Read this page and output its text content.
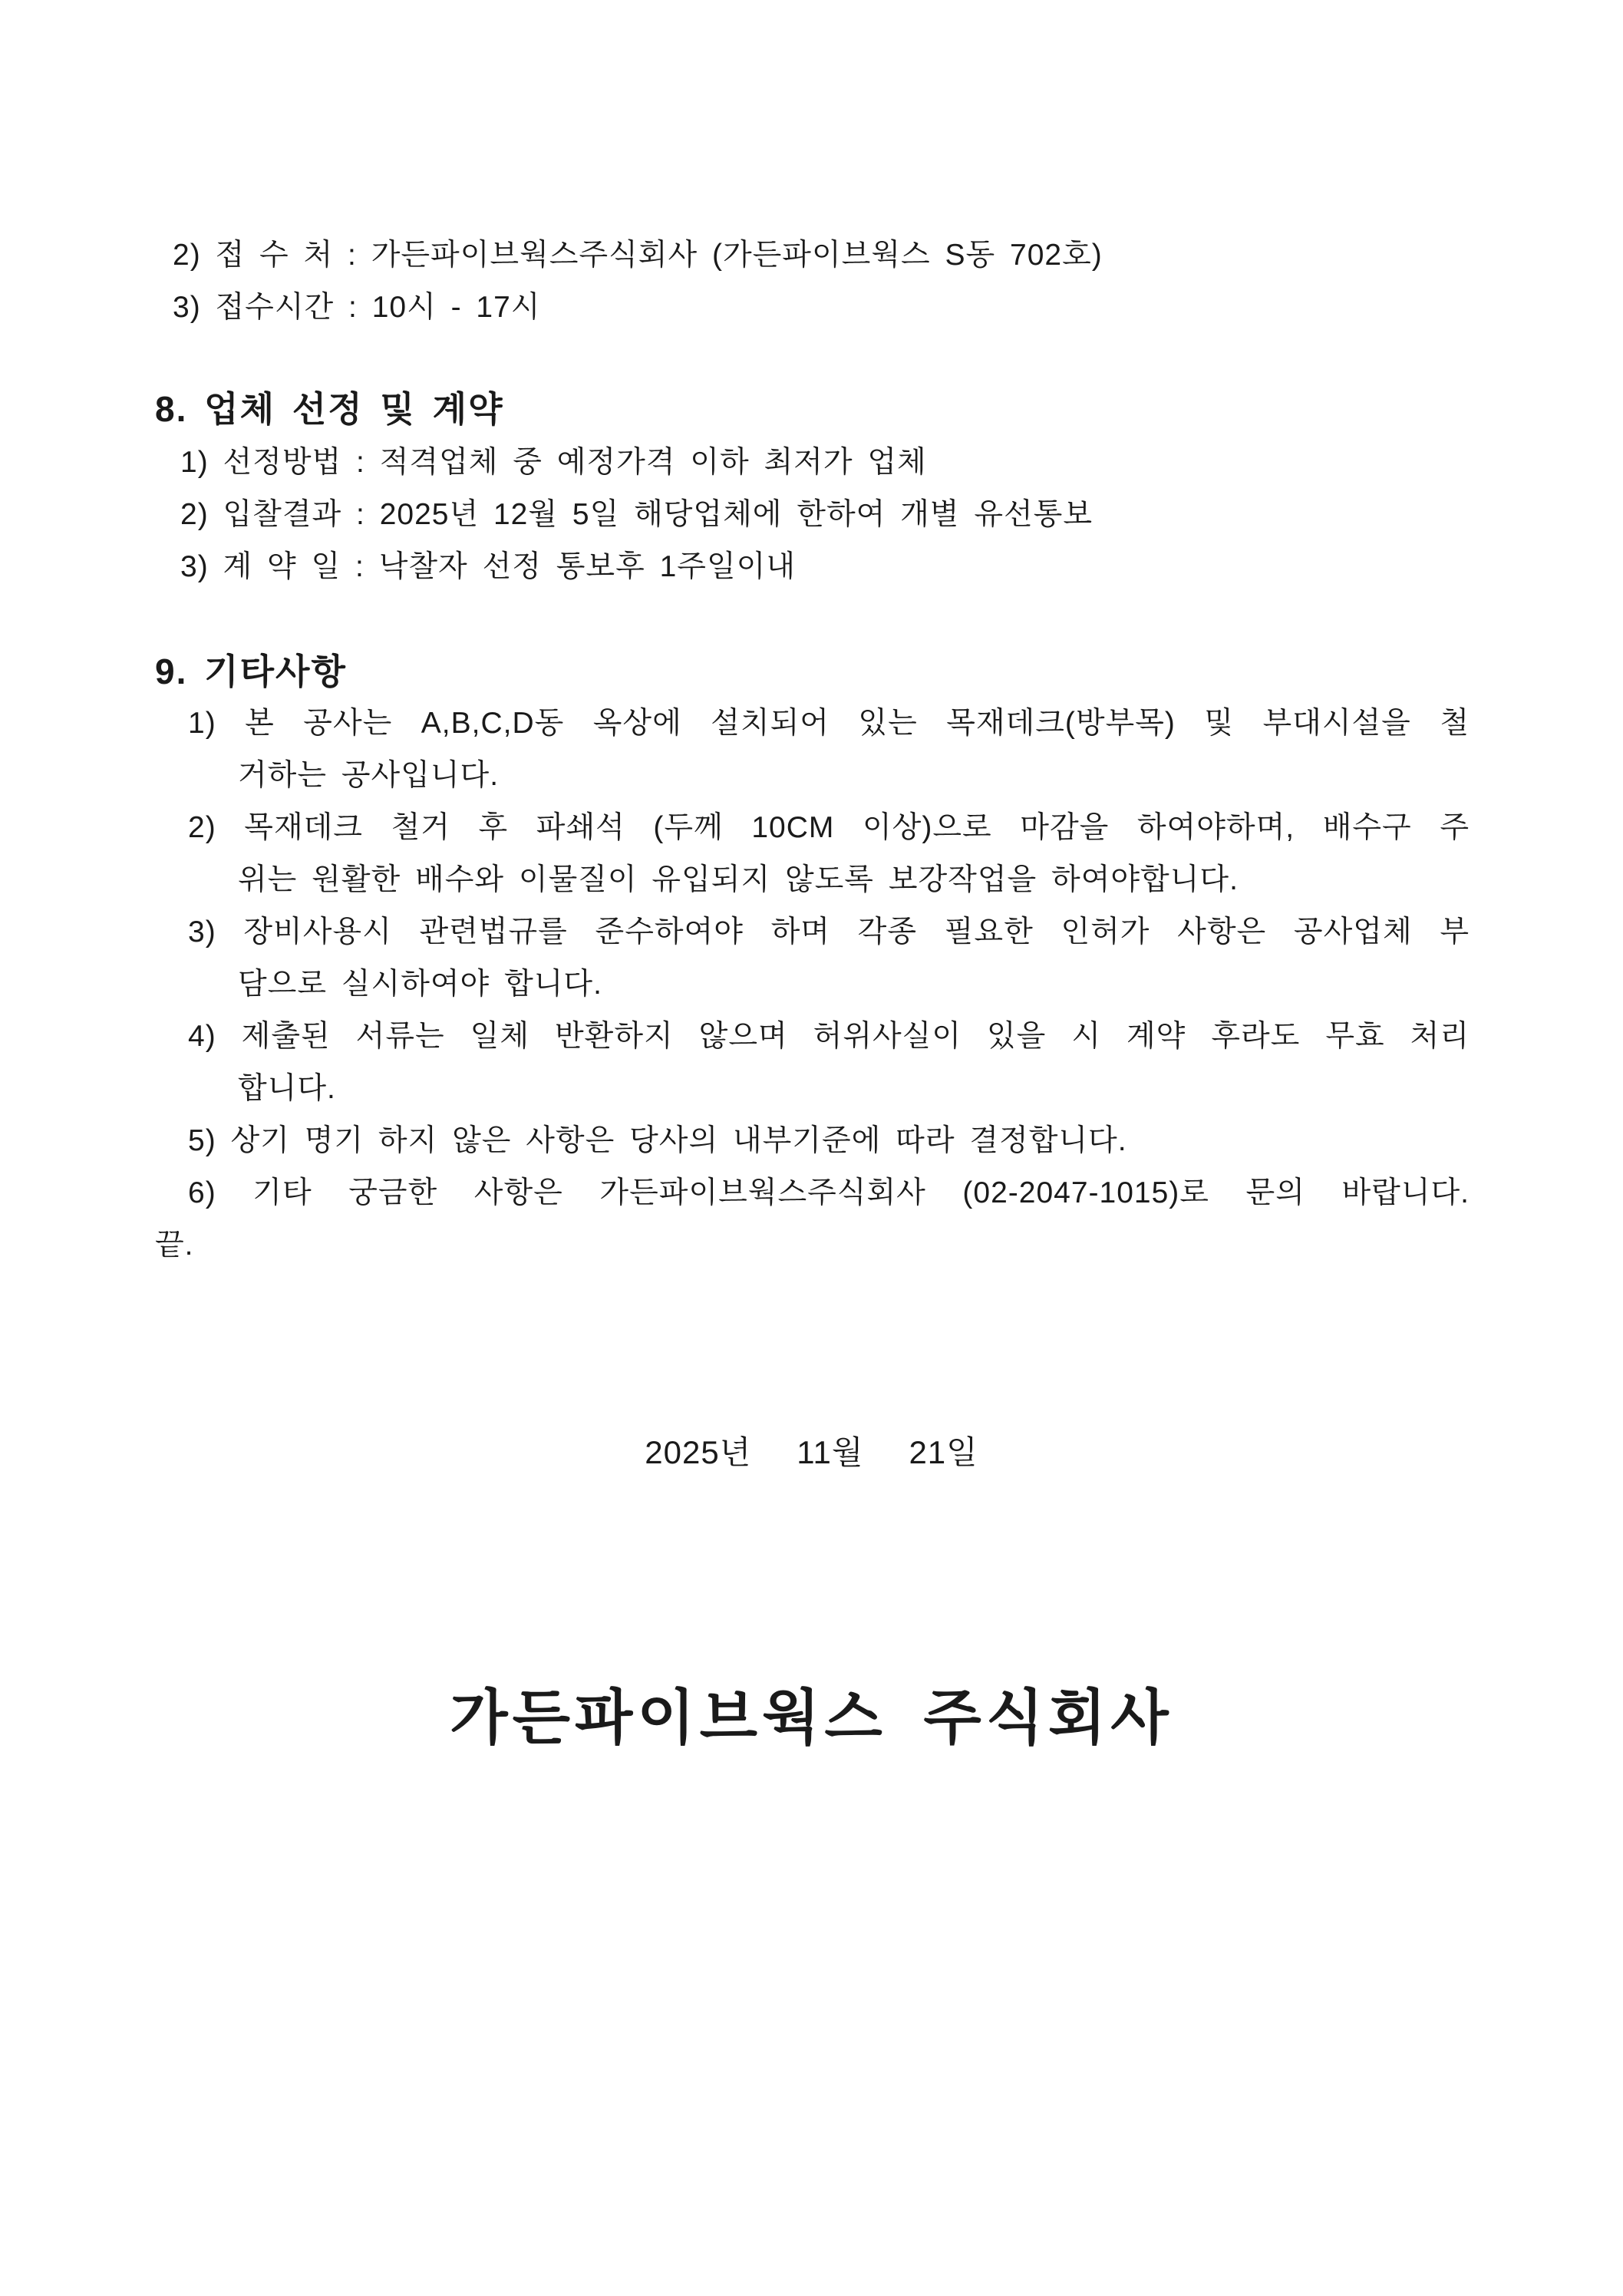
2) 접 수 처 : 가든파이브웍스주식회사 (가든파이브웍스 S동 702호)
3) 접수시간 : 10시 - 17시
8. 업체 선정 및 계약
1) 선정방법 : 적격업체 중 예정가격 이하 최저가 업체
2) 입찰결과 : 2025년 12월 5일 해당업체에 한하여 개별 유선통보
3) 계 약 일 : 낙찰자 선정 통보후 1주일이내
9. 기타사항
1) 본 공사는 A,B,C,D동 옥상에 설치되어 있는 목재데크(방부목) 및 부대시설을 철
거하는 공사입니다.
2) 목재데크 철거 후 파쇄석 (두께 10CM 이상)으로 마감을 하여야하며, 배수구 주
위는 원활한 배수와 이물질이 유입되지 않도록 보강작업을 하여야합니다.
3) 장비사용시 관련법규를 준수하여야 하며 각종 필요한 인허가 사항은 공사업체 부
담으로 실시하여야 합니다.
4) 제출된 서류는 일체 반환하지 않으며 허위사실이 있을 시 계약 후라도 무효 처리
합니다.
5) 상기 명기 하지 않은 사항은 당사의 내부기준에 따라 결정합니다.
6) 기타 궁금한 사항은 가든파이브웍스주식회사 (02-2047-1015)로 문의 바랍니다.
끝.
2025년   11월   21일
가든파이브웍스 주식회사
